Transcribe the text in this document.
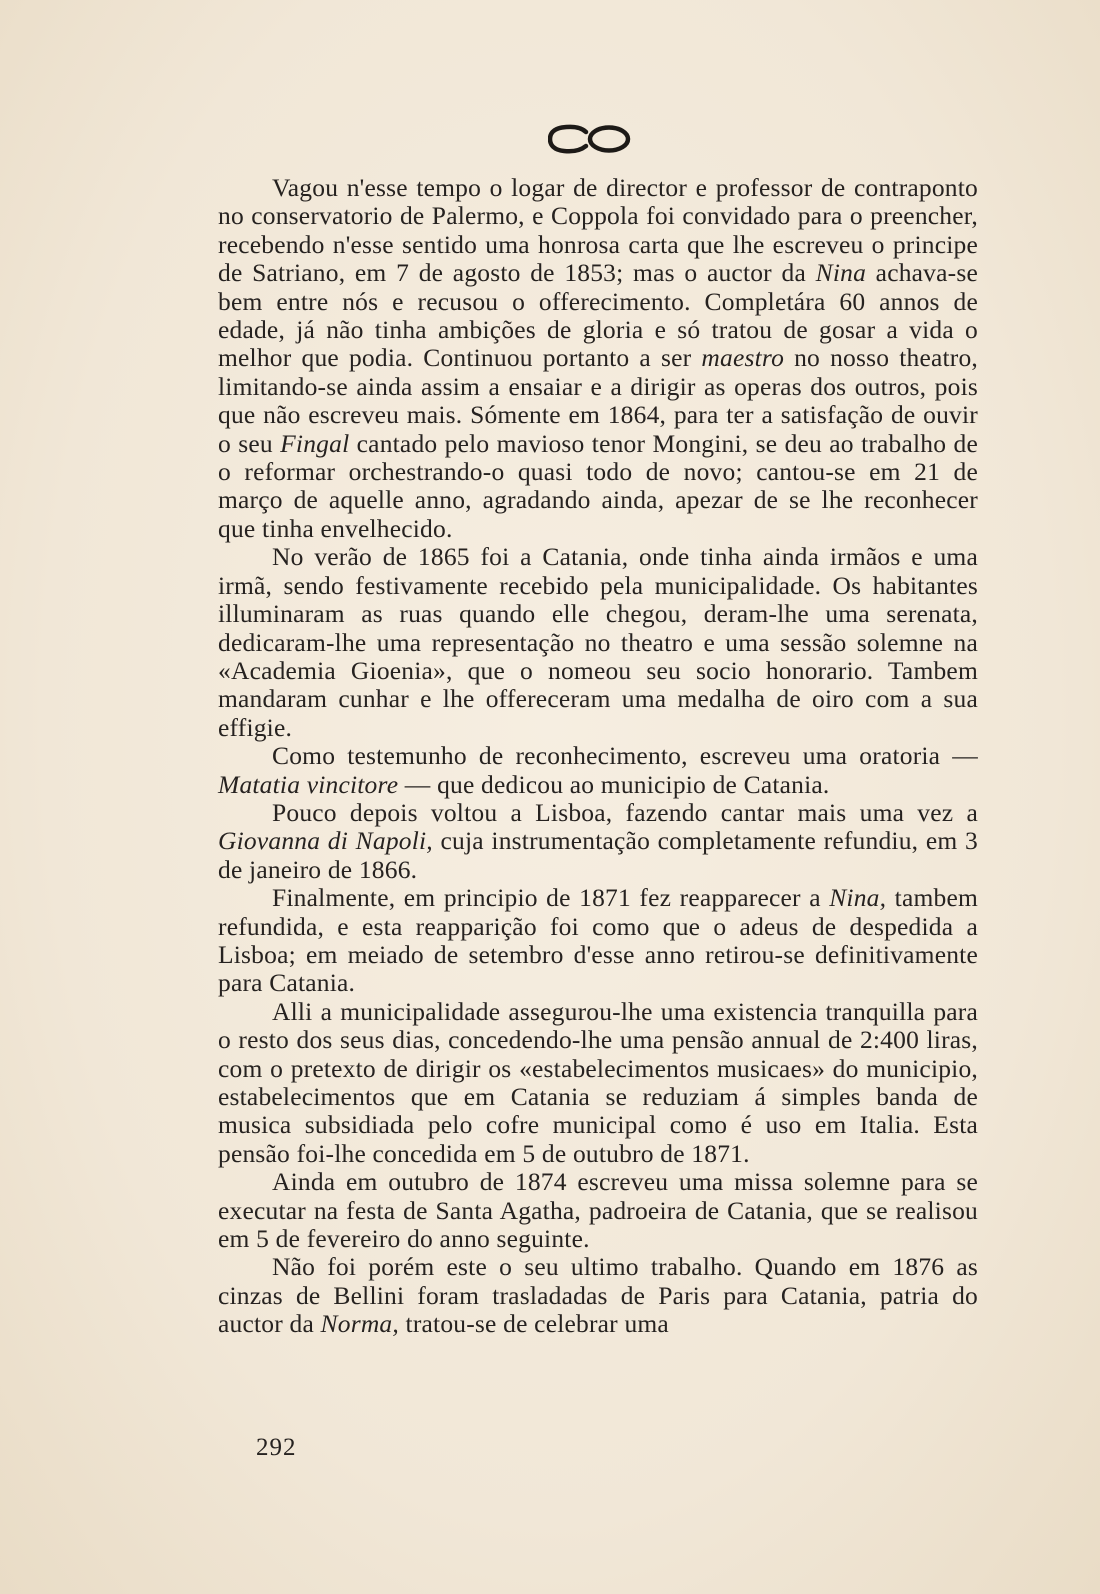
Vagou n'esse tempo o logar de director e professor de contraponto no conservatorio de Palermo, e Coppola foi convidado para o preencher, recebendo n'esse sentido uma honrosa carta que lhe escreveu o principe de Satriano, em 7 de agosto de 1853; mas o auctor da Nina achava-se bem entre nós e recusou o offerecimento. Completára 60 annos de edade, já não tinha ambições de gloria e só tratou de gosar a vida o melhor que podia. Continuou portanto a ser maestro no nosso theatro, limitando-se ainda assim a ensaiar e a dirigir as operas dos outros, pois que não escreveu mais. Sómente em 1864, para ter a satisfação de ouvir o seu Fingal cantado pelo mavioso tenor Mongini, se deu ao trabalho de o reformar orchestrando-o quasi todo de novo; cantou-se em 21 de março de aquelle anno, agradando ainda, apezar de se lhe reconhecer que tinha envelhecido.

No verão de 1865 foi a Catania, onde tinha ainda irmãos e uma irmã, sendo festivamente recebido pela municipalidade. Os habitantes illuminaram as ruas quando elle chegou, deram-lhe uma serenata, dedicaram-lhe uma representação no theatro e uma sessão solemne na «Academia Gioenia», que o nomeou seu socio honorario. Tambem mandaram cunhar e lhe offereceram uma medalha de oiro com a sua effigie.

Como testemunho de reconhecimento, escreveu uma oratoria — Matatia vincitore — que dedicou ao municipio de Catania.

Pouco depois voltou a Lisboa, fazendo cantar mais uma vez a Giovanna di Napoli, cuja instrumentação completamente refundiu, em 3 de janeiro de 1866.

Finalmente, em principio de 1871 fez reapparecer a Nina, tambem refundida, e esta reapparição foi como que o adeus de despedida a Lisboa; em meiado de setembro d'esse anno retirou-se definitivamente para Catania.

Alli a municipalidade assegurou-lhe uma existencia tranquilla para o resto dos seus dias, concedendo-lhe uma pensão annual de 2:400 liras, com o pretexto de dirigir os «estabelecimentos musicaes» do municipio, estabelecimentos que em Catania se reduziam á simples banda de musica subsidiada pelo cofre municipal como é uso em Italia. Esta pensão foi-lhe concedida em 5 de outubro de 1871.

Ainda em outubro de 1874 escreveu uma missa solemne para se executar na festa de Santa Agatha, padroeira de Catania, que se realisou em 5 de fevereiro do anno seguinte.

Não foi porém este o seu ultimo trabalho. Quando em 1876 as cinzas de Bellini foram trasladadas de Paris para Catania, patria do auctor da Norma, tratou-se de celebrar uma

292
